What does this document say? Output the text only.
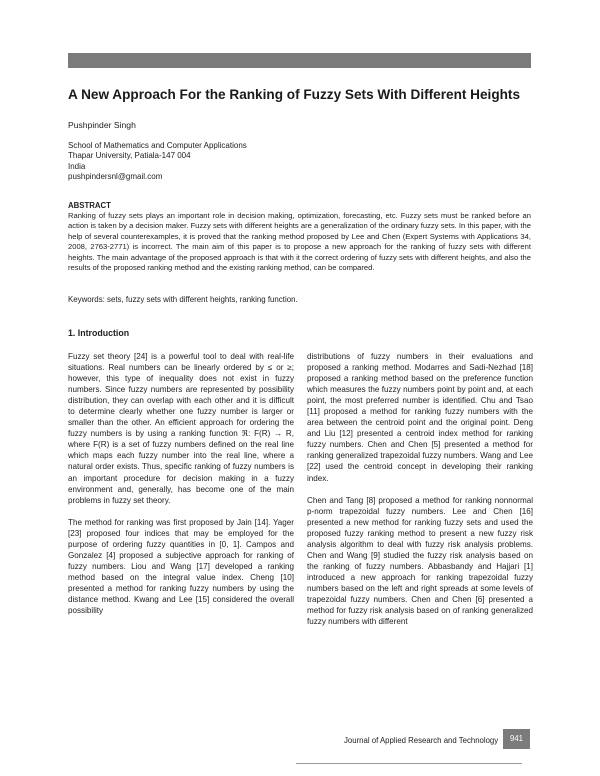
A New Approach For the Ranking of Fuzzy Sets With Different Heights
Pushpinder Singh
School of Mathematics and Computer Applications
Thapar University, Patiala-147 004
India
pushpindersnl@gmail.com
ABSTRACT

Ranking of fuzzy sets plays an important role in decision making, optimization, forecasting, etc. Fuzzy sets must be ranked before an action is taken by a decision maker. Fuzzy sets with different heights are a generalization of the ordinary fuzzy sets. In this paper, with the help of several counterexamples, it is proved that the ranking method proposed by Lee and Chen (Expert Systems with Applications 34, 2008, 2763-2771) is incorrect. The main aim of this paper is to propose a new approach for the ranking of fuzzy sets with different heights. The main advantage of the proposed approach is that with it the correct ordering of fuzzy sets with different heights, and also the results of the proposed ranking method and the existing ranking method, can be compared.

Keywords: sets, fuzzy sets with different heights, ranking function.
1. Introduction

Fuzzy set theory [24] is a powerful tool to deal with real-life situations. Real numbers can be linearly ordered by ≤ or ≥; however, this type of inequality does not exist in fuzzy numbers. Since fuzzy numbers are represented by possibility distribution, they can overlap with each other and it is difficult to determine clearly whether one fuzzy number is larger or smaller than the other. An efficient approach for ordering the fuzzy numbers is by using a ranking function ℜ: F(R) → R, where F(R) is a set of fuzzy numbers defined on the real line which maps each fuzzy number into the real line, where a natural order exists. Thus, specific ranking of fuzzy numbers is an important procedure for decision making in a fuzzy environment and, generally, has become one of the main problems in fuzzy set theory.

The method for ranking was first proposed by Jain [14]. Yager [23] proposed four indices that may be employed for the purpose of ordering fuzzy quantities in [0, 1]. Campos and Gonzalez [4] proposed a subjective approach for ranking of fuzzy numbers. Liou and Wang [17] developed a ranking method based on the integral value index. Cheng [10] presented a method for ranking fuzzy numbers by using the distance method. Kwang and Lee [15] considered the overall possibility

distributions of fuzzy numbers in their evaluations and proposed a ranking method. Modarres and Sadi-Nezhad [18] proposed a ranking method based on the preference function which measures the fuzzy numbers point by point and, at each point, the most preferred number is identified. Chu and Tsao [11] proposed a method for ranking fuzzy numbers with the area between the centroid point and the original point. Deng and Liu [12] presented a centroid index method for ranking fuzzy numbers. Chen and Chen [5] presented a method for ranking generalized trapezoidal fuzzy numbers. Wang and Lee [22] used the centroid concept in developing their ranking index.

Chen and Tang [8] proposed a method for ranking nonnormal p-norm trapezoidal fuzzy numbers. Lee and Chen [16] presented a new method for ranking fuzzy sets and used the proposed fuzzy ranking method to present a new fuzzy risk analysis algorithm to deal with fuzzy risk analysis problems. Chen and Wang [9] studied the fuzzy risk analysis based on the ranking of fuzzy numbers. Abbasbandy and Hajjari [1] introduced a new approach for ranking trapezoidal fuzzy numbers based on the left and right spreads at some levels of trapezoidal fuzzy numbers. Chen and Chen [6] presented a method for fuzzy risk analysis based on of ranking generalized fuzzy numbers with different

Journal of Applied Research and Technology	941
